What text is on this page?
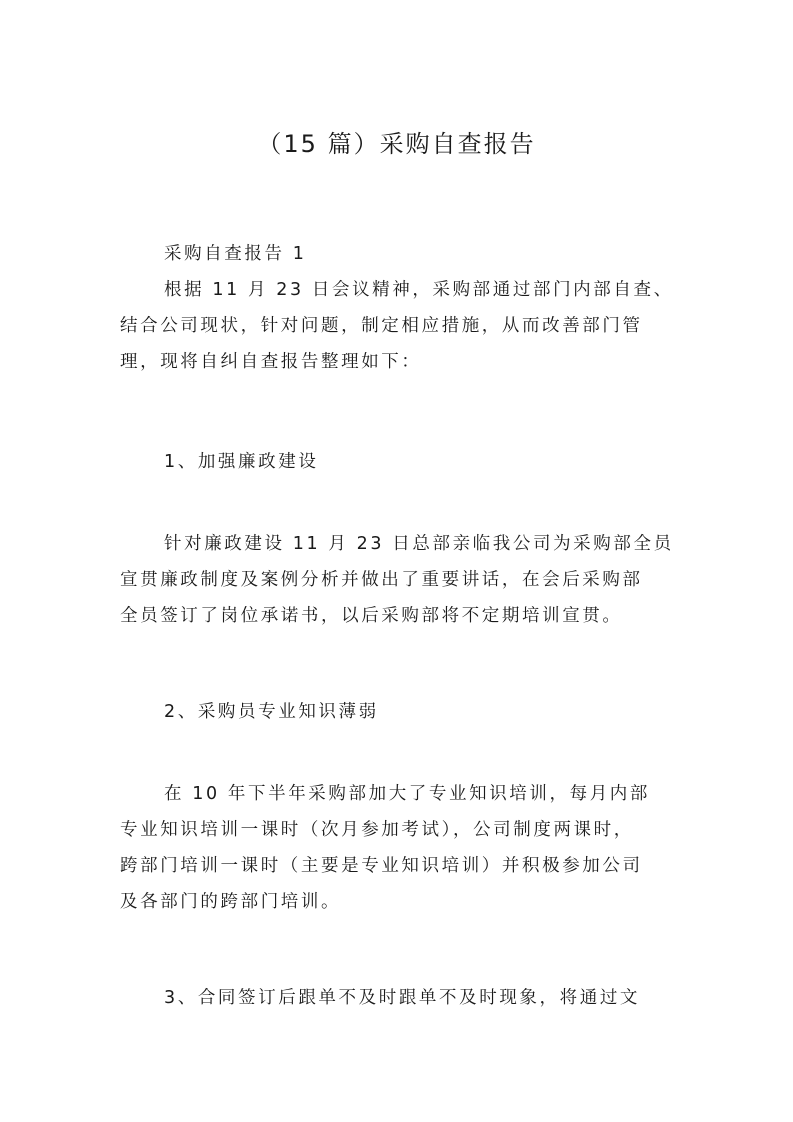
（15 篇）采购自查报告
采购自查报告 1
根据 11 月 23 日会议精神，采购部通过部门内部自查、
结合公司现状，针对问题，制定相应措施，从而改善部门管
理，现将自纠自查报告整理如下：
1、加强廉政建设
针对廉政建设 11 月 23 日总部亲临我公司为采购部全员
宣贯廉政制度及案例分析并做出了重要讲话，在会后采购部
全员签订了岗位承诺书，以后采购部将不定期培训宣贯。
2、采购员专业知识薄弱
在 10 年下半年采购部加大了专业知识培训，每月内部
专业知识培训一课时（次月参加考试），公司制度两课时，
跨部门培训一课时（主要是专业知识培训）并积极参加公司
及各部门的跨部门培训。
3、合同签订后跟单不及时跟单不及时现象，将通过文
